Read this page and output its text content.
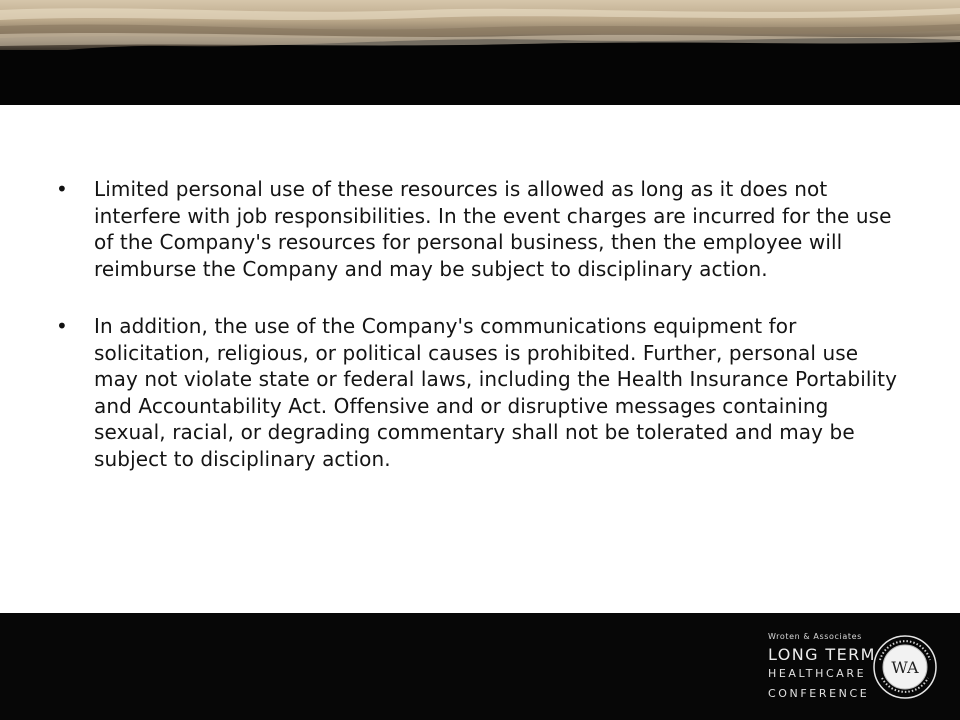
• Limited personal use of these resources is allowed as long as it does not interfere with job responsibilities. In the event charges are incurred for the use of the Company's resources for personal business, then the employee will reimburse the Company and may be subject to disciplinary action.
• In addition, the use of the Company's communications equipment for solicitation, religious, or political causes is prohibited. Further, personal use may not violate state or federal laws, including the Health Insurance Portability and Accountability Act. Offensive and or disruptive messages containing sexual, racial, or degrading commentary shall not be tolerated and may be subject to disciplinary action.
Wroten & Associates
LONG TERM
HEALTHCARE
CONFERENCE
WA
